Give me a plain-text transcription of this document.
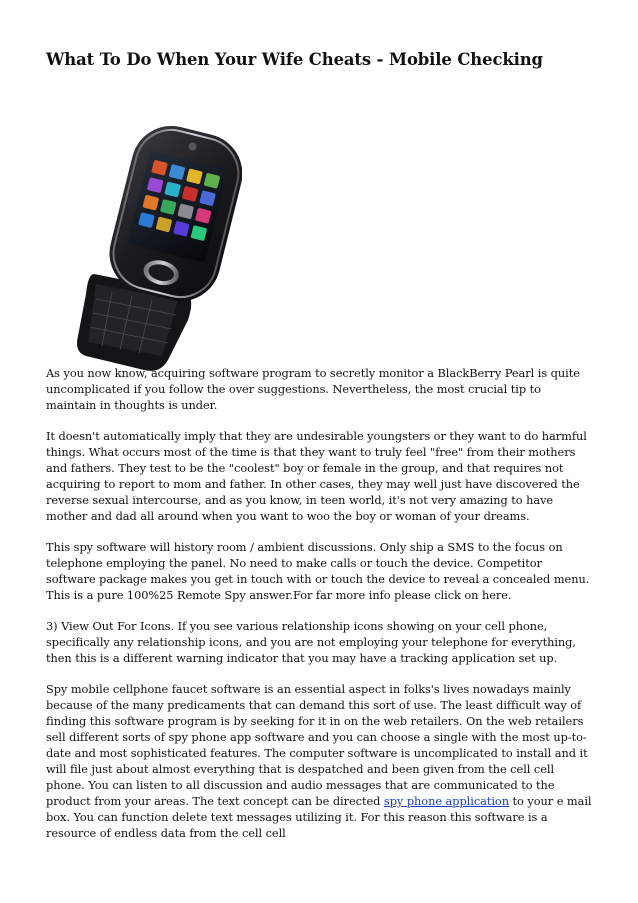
What To Do When Your Wife Cheats - Mobile Checking

As you now know, acquiring software program to secretly monitor a BlackBerry Pearl is quite uncomplicated if you follow the over suggestions. Nevertheless, the most crucial tip to maintain in thoughts is under.

It doesn't automatically imply that they are undesirable youngsters or they want to do harmful things. What occurs most of the time is that they want to truly feel "free" from their mothers and fathers. They test to be the "coolest" boy or female in the group, and that requires not acquiring to report to mom and father. In other cases, they may well just have discovered the reverse sexual intercourse, and as you know, in teen world, it's not very amazing to have mother and dad all around when you want to woo the boy or woman of your dreams.

This spy software will history room / ambient discussions. Only ship a SMS to the focus on telephone employing the panel. No need to make calls or touch the device. Competitor software package makes you get in touch with or touch the device to reveal a concealed menu. This is a pure 100%25 Remote Spy answer.For far more info please click on here.

3) View Out For Icons. If you see various relationship icons showing on your cell phone, specifically any relationship icons, and you are not employing your telephone for everything, then this is a different warning indicator that you may have a tracking application set up.

Spy mobile cellphone faucet software is an essential aspect in folks's lives nowadays mainly because of the many predicaments that can demand this sort of use. The least difficult way of finding this software program is by seeking for it in on the web retailers. On the web retailers sell different sorts of spy phone app software and you can choose a single with the most up-to-date and most sophisticated features. The computer software is uncomplicated to install and it will file just about almost everything that is despatched and been given from the cell cell phone. You can listen to all discussion and audio messages that are communicated to the product from your areas. The text concept can be directed spy phone application to your e mail box. You can function delete text messages utilizing it. For this reason this software is a resource of endless data from the cell cell
